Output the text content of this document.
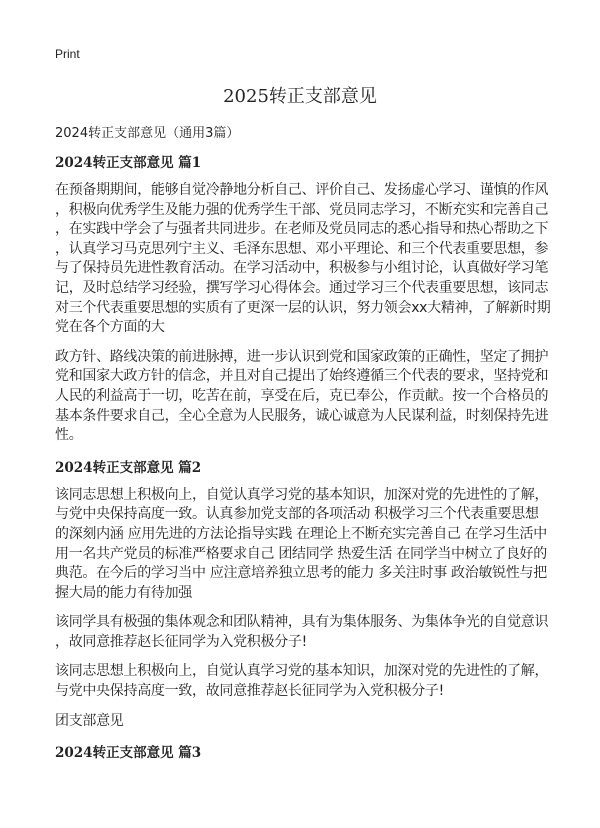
Print
2025转正支部意见
2024转正支部意见（通用3篇）
2024转正支部意见 篇1
在预备期期间，能够自觉冷静地分析自己、评价自己、发扬虚心学习、谨慎的作风
，积极向优秀学生及能力强的优秀学生干部、党员同志学习，不断充实和完善自己
，在实践中学会了与强者共同进步。在老师及党员同志的悉心指导和热心帮助之下
，认真学习马克思列宁主义、毛泽东思想、邓小平理论、和三个代表重要思想，参
与了保持员先进性教育活动。在学习活动中，积极参与小组讨论，认真做好学习笔
记，及时总结学习经验，撰写学习心得体会。通过学习三个代表重要思想，该同志
对三个代表重要思想的实质有了更深一层的认识，努力领会xx大精神，了解新时期
党在各个方面的大
政方针、路线决策的前进脉搏，进一步认识到党和国家政策的正确性，坚定了拥护
党和国家大政方针的信念，并且对自己提出了始终遵循三个代表的要求，坚持党和
人民的利益高于一切，吃苦在前，享受在后，克已奉公，作贡献。按一个合格员的
基本条件要求自己，全心全意为人民服务，诚心诚意为人民谋利益，时刻保持先进
性。
2024转正支部意见 篇2
该同志思想上积极向上，自觉认真学习党的基本知识，加深对党的先进性的了解，
与党中央保持高度一致。认真参加党支部的各项活动 积极学习三个代表重要思想
的深刻内涵 应用先进的方法论指导实践 在理论上不断充实完善自己 在学习生活中
用一名共产党员的标准严格要求自己 团结同学 热爱生活 在同学当中树立了良好的
典范。在今后的学习当中 应注意培养独立思考的能力 多关注时事 政治敏锐性与把
握大局的能力有待加强
该同学具有极强的集体观念和团队精神，具有为集体服务、为集体争光的自觉意识
，故同意推荐赵长征同学为入党积极分子!
该同志思想上积极向上，自觉认真学习党的基本知识，加深对党的先进性的了解，
与党中央保持高度一致，故同意推荐赵长征同学为入党积极分子!
团支部意见
2024转正支部意见 篇3
